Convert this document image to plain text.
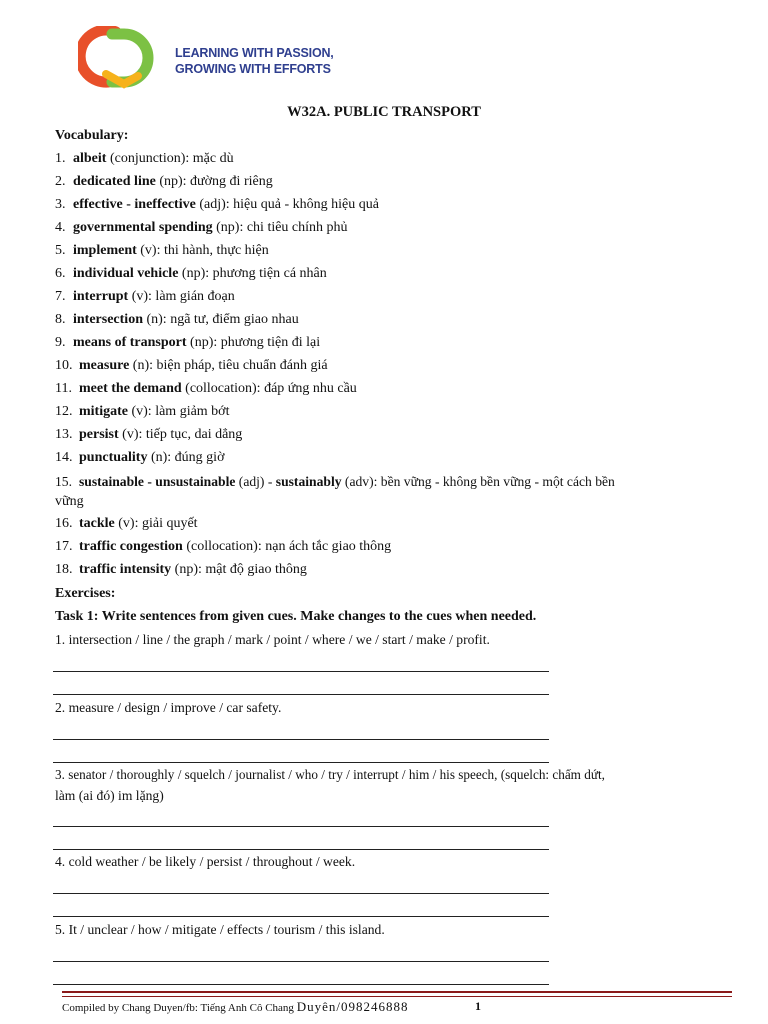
LEARNING WITH PASSION,
GROWING WITH EFFORTS
W32A. PUBLIC TRANSPORT
Vocabulary:
1. albeit (conjunction): mặc dù
2. dedicated line (np): đường đi riêng
3. effective - ineffective (adj): hiệu quả - không hiệu quả
4. governmental spending (np): chi tiêu chính phủ
5. implement (v): thi hành, thực hiện
6. individual vehicle (np): phương tiện cá nhân
7. interrupt (v): làm gián đoạn
8. intersection (n): ngã tư, điểm giao nhau
9. means of transport (np): phương tiện đi lại
10. measure (n): biện pháp, tiêu chuẩn đánh giá
11. meet the demand (collocation): đáp ứng nhu cầu
12. mitigate (v): làm giảm bớt
13. persist (v): tiếp tục, dai dẳng
14. punctuality (n): đúng giờ
15. sustainable - unsustainable (adj) - sustainably (adv): bền vững - không bền vững - một cách bền
vững
16. tackle (v): giải quyết
17. traffic congestion (collocation): nạn ách tắc giao thông
18. traffic intensity (np): mật độ giao thông
Exercises:
Task 1: Write sentences from given cues. Make changes to the cues when needed.
1. intersection / line / the graph / mark / point / where / we / start / make / profit.
2. measure / design / improve / car safety.
3. senator / thoroughly / squelch / journalist / who / try / interrupt / him / his speech, (squelch: chấm dứt,
làm (ai đó) im lặng)
4. cold weather / be likely / persist / throughout / week.
5. It / unclear / how / mitigate / effects / tourism / this island.
Compiled by Chang Duyen/fb: Tiếng Anh Cô Chang Duyên/098246888	1
